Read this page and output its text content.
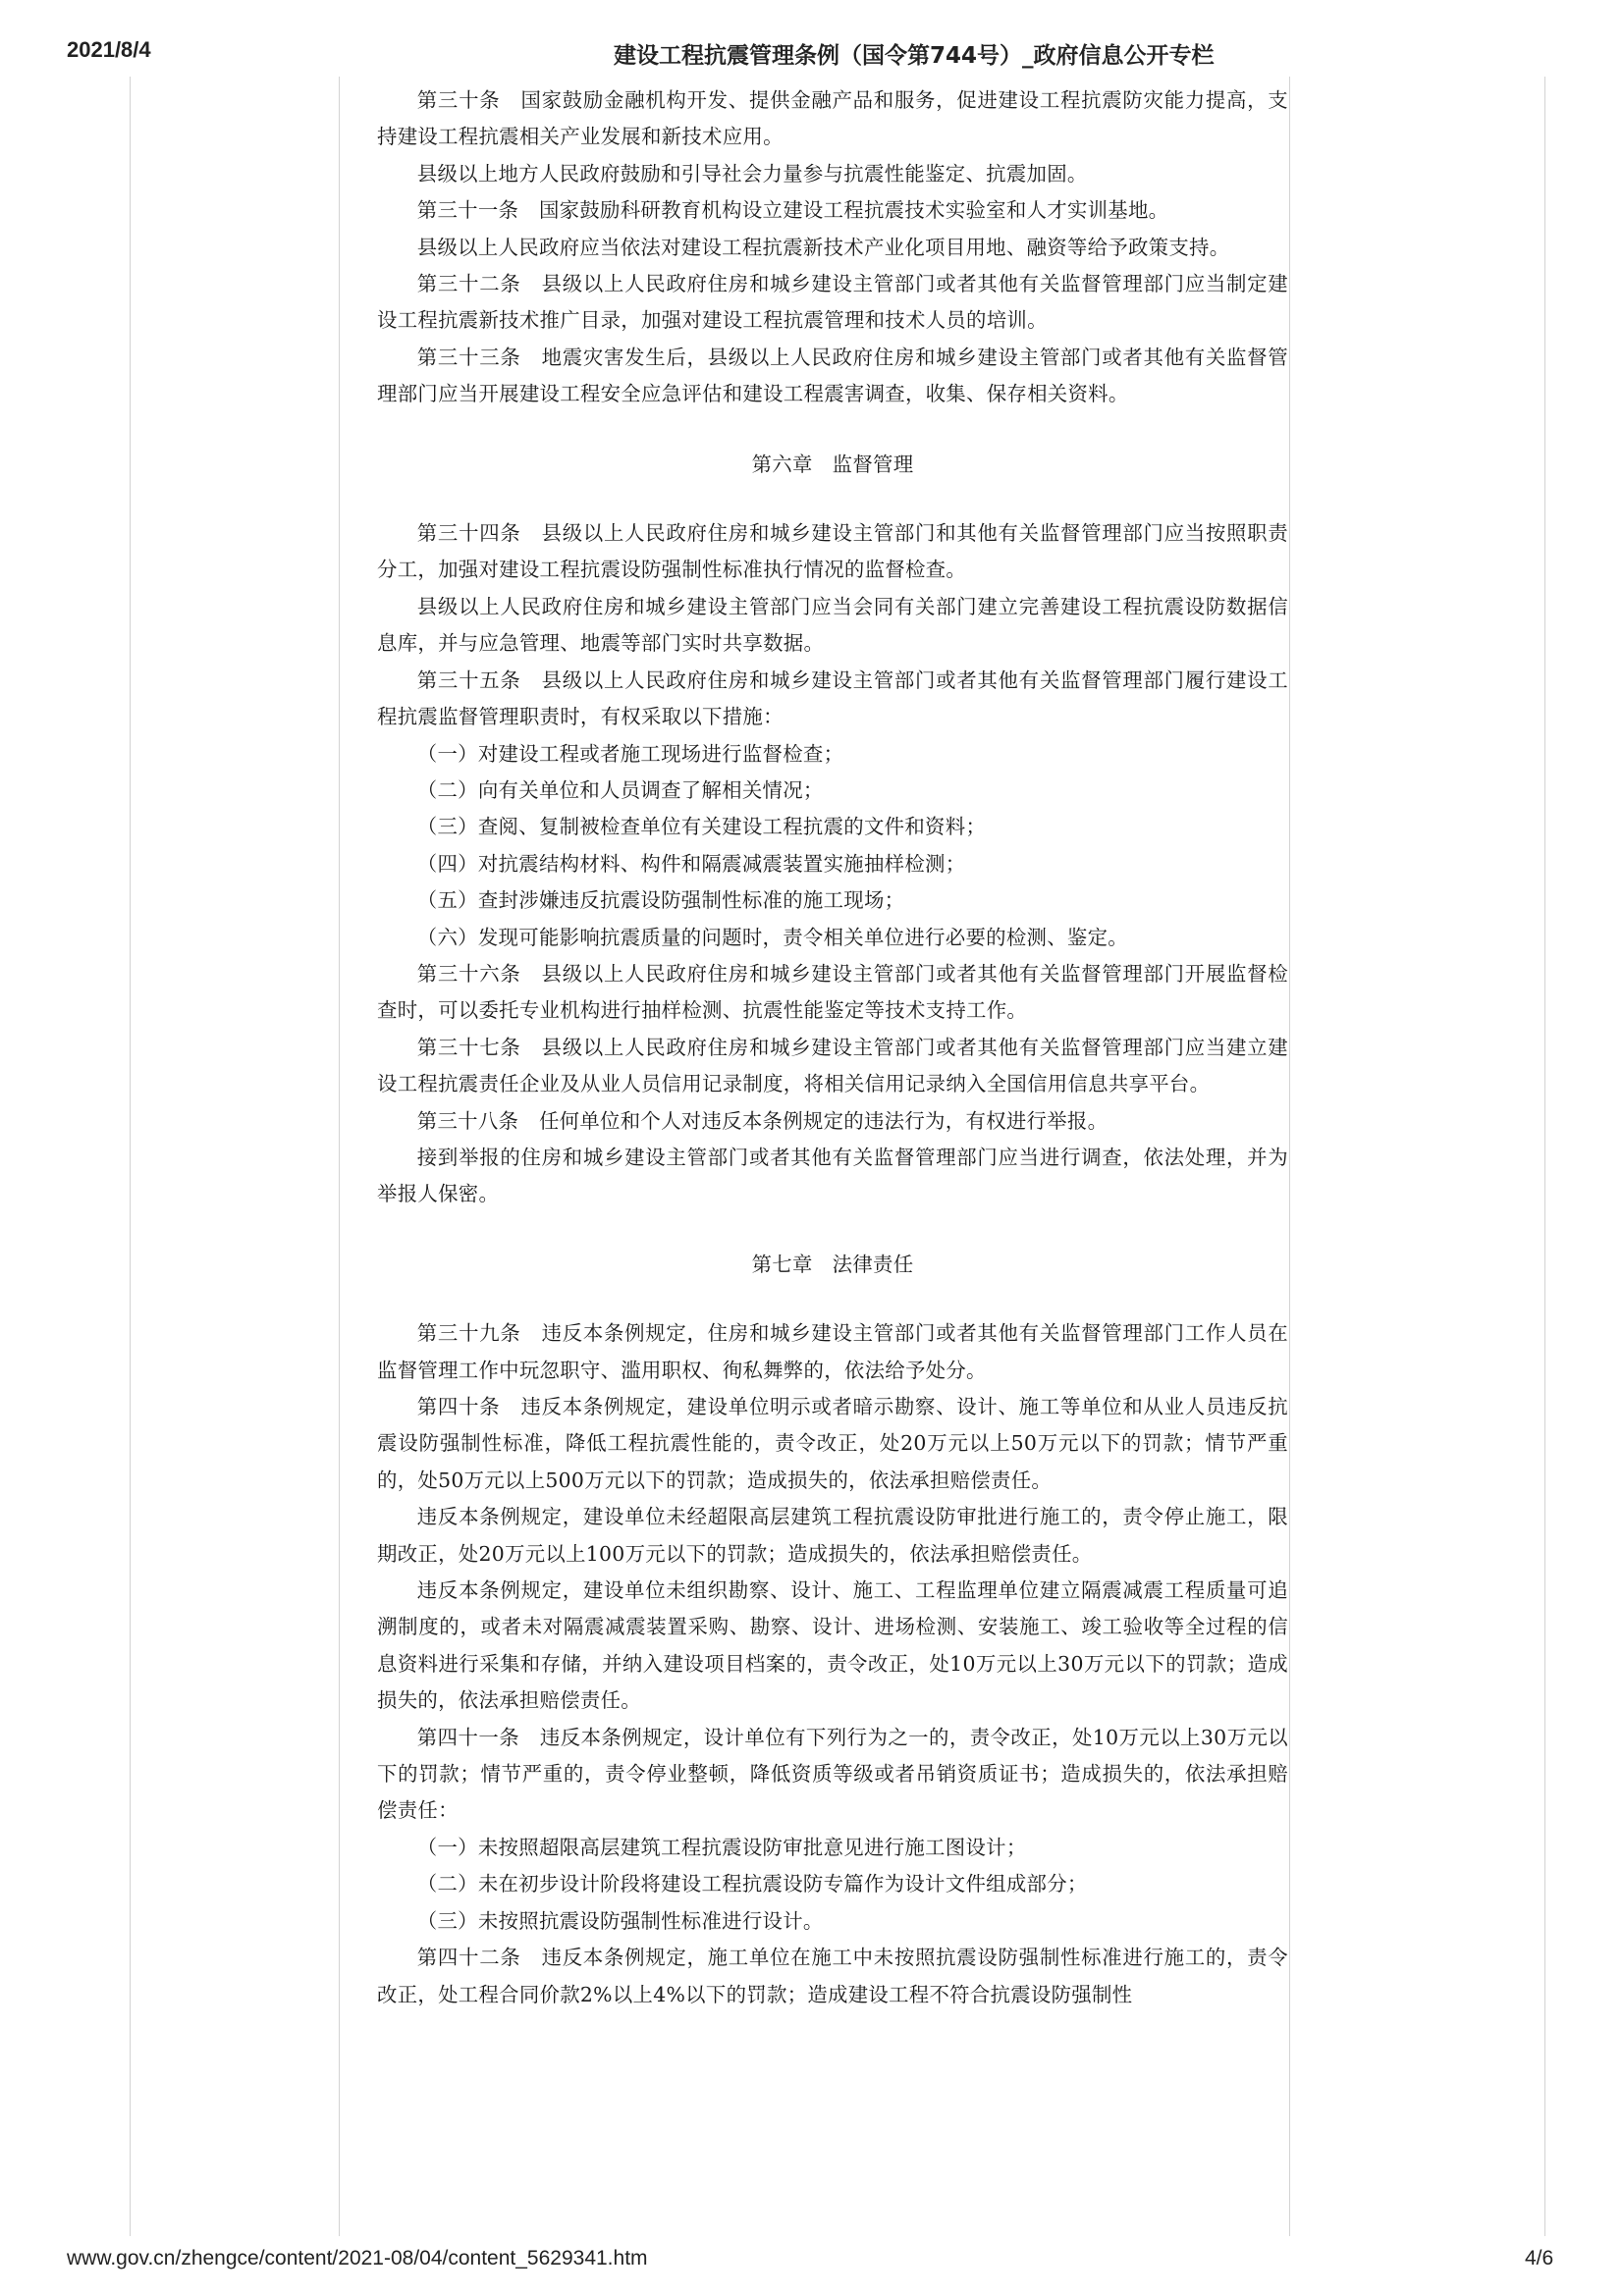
2021/8/4	建设工程抗震管理条例（国令第744号）_政府信息公开专栏

第三十条　国家鼓励金融机构开发、提供金融产品和服务，促进建设工程抗震防灾能力提高，支持建设工程抗震相关产业发展和新技术应用。

县级以上地方人民政府鼓励和引导社会力量参与抗震性能鉴定、抗震加固。

第三十一条　国家鼓励科研教育机构设立建设工程抗震技术实验室和人才实训基地。

县级以上人民政府应当依法对建设工程抗震新技术产业化项目用地、融资等给予政策支持。

第三十二条　县级以上人民政府住房和城乡建设主管部门或者其他有关监督管理部门应当制定建设工程抗震新技术推广目录，加强对建设工程抗震管理和技术人员的培训。

第三十三条　地震灾害发生后，县级以上人民政府住房和城乡建设主管部门或者其他有关监督管理部门应当开展建设工程安全应急评估和建设工程震害调查，收集、保存相关资料。

第六章 监督管理

第三十四条　县级以上人民政府住房和城乡建设主管部门和其他有关监督管理部门应当按照职责分工，加强对建设工程抗震设防强制性标准执行情况的监督检查。

县级以上人民政府住房和城乡建设主管部门应当会同有关部门建立完善建设工程抗震设防数据信息库，并与应急管理、地震等部门实时共享数据。

第三十五条　县级以上人民政府住房和城乡建设主管部门或者其他有关监督管理部门履行建设工程抗震监督管理职责时，有权采取以下措施：

（一）对建设工程或者施工现场进行监督检查；

（二）向有关单位和人员调查了解相关情况；

（三）查阅、复制被检查单位有关建设工程抗震的文件和资料；

（四）对抗震结构材料、构件和隔震减震装置实施抽样检测；

（五）查封涉嫌违反抗震设防强制性标准的施工现场；

（六）发现可能影响抗震质量的问题时，责令相关单位进行必要的检测、鉴定。

第三十六条　县级以上人民政府住房和城乡建设主管部门或者其他有关监督管理部门开展监督检查时，可以委托专业机构进行抽样检测、抗震性能鉴定等技术支持工作。

第三十七条　县级以上人民政府住房和城乡建设主管部门或者其他有关监督管理部门应当建立建设工程抗震责任企业及从业人员信用记录制度，将相关信用记录纳入全国信用信息共享平台。

第三十八条　任何单位和个人对违反本条例规定的违法行为，有权进行举报。

接到举报的住房和城乡建设主管部门或者其他有关监督管理部门应当进行调查，依法处理，并为举报人保密。

第七章 法律责任

第三十九条　违反本条例规定，住房和城乡建设主管部门或者其他有关监督管理部门工作人员在监督管理工作中玩忽职守、滥用职权、徇私舞弊的，依法给予处分。

第四十条　违反本条例规定，建设单位明示或者暗示勘察、设计、施工等单位和从业人员违反抗震设防强制性标准，降低工程抗震性能的，责令改正，处20万元以上50万元以下的罚款；情节严重的，处50万元以上500万元以下的罚款；造成损失的，依法承担赔偿责任。

违反本条例规定，建设单位未经超限高层建筑工程抗震设防审批进行施工的，责令停止施工，限期改正，处20万元以上100万元以下的罚款；造成损失的，依法承担赔偿责任。

违反本条例规定，建设单位未组织勘察、设计、施工、工程监理单位建立隔震减震工程质量可追溯制度的，或者未对隔震减震装置采购、勘察、设计、进场检测、安装施工、竣工验收等全过程的信息资料进行采集和存储，并纳入建设项目档案的，责令改正，处10万元以上30万元以下的罚款；造成损失的，依法承担赔偿责任。

第四十一条　违反本条例规定，设计单位有下列行为之一的，责令改正，处10万元以上30万元以下的罚款；情节严重的，责令停业整顿，降低资质等级或者吊销资质证书；造成损失的，依法承担赔偿责任：

（一）未按照超限高层建筑工程抗震设防审批意见进行施工图设计；

（二）未在初步设计阶段将建设工程抗震设防专篇作为设计文件组成部分；

（三）未按照抗震设防强制性标准进行设计。

第四十二条　违反本条例规定，施工单位在施工中未按照抗震设防强制性标准进行施工的，责令改正，处工程合同价款2%以上4%以下的罚款；造成建设工程不符合抗震设防强制性

www.gov.cn/zhengce/content/2021-08/04/content_5629341.htm	4/6
